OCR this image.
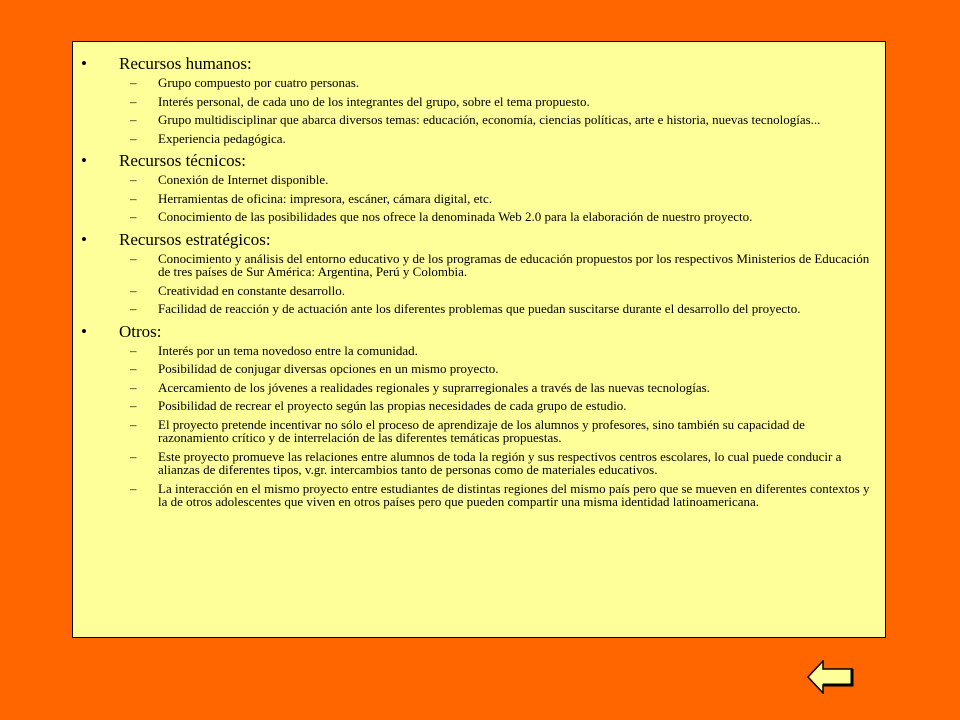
• Recursos humanos:
– Grupo compuesto por cuatro personas.
– Interés personal, de cada uno de los integrantes del grupo, sobre el tema propuesto.
– Grupo multidisciplinar que abarca diversos temas: educación, economía, ciencias políticas, arte e historia, nuevas tecnologías...
– Experiencia pedagógica.
• Recursos técnicos:
– Conexión de Internet disponible.
– Herramientas de oficina: impresora, escáner, cámara digital, etc.
– Conocimiento de las posibilidades que nos ofrece la denominada Web 2.0 para la elaboración de nuestro proyecto.
• Recursos estratégicos:
– Conocimiento y análisis del entorno educativo y de los programas de educación propuestos por los respectivos Ministerios de Educación de tres países de Sur América: Argentina, Perú y Colombia.
– Creatividad en constante desarrollo.
– Facilidad de reacción y de actuación ante los diferentes problemas que puedan suscitarse durante el desarrollo del proyecto.
• Otros:
– Interés por un tema novedoso entre la comunidad.
– Posibilidad de conjugar diversas opciones en un mismo proyecto.
– Acercamiento de los jóvenes a realidades regionales y suprarregionales a través de las nuevas tecnologías.
– Posibilidad de recrear el proyecto según las propias necesidades de cada grupo de estudio.
– El proyecto pretende incentivar no sólo el proceso de aprendizaje de los alumnos y profesores, sino también su capacidad de razonamiento crítico y de interrelación de las diferentes temáticas propuestas.
– Este proyecto promueve las relaciones entre alumnos de toda la región y sus respectivos centros escolares, lo cual puede conducir a alianzas de diferentes tipos, v.gr. intercambios tanto de personas como de materiales educativos.
– La interacción en el mismo proyecto entre estudiantes de distintas regiones del mismo país pero que se mueven en diferentes contextos y la de otros adolescentes que viven en otros países pero que pueden compartir una misma identidad latinoamericana.
